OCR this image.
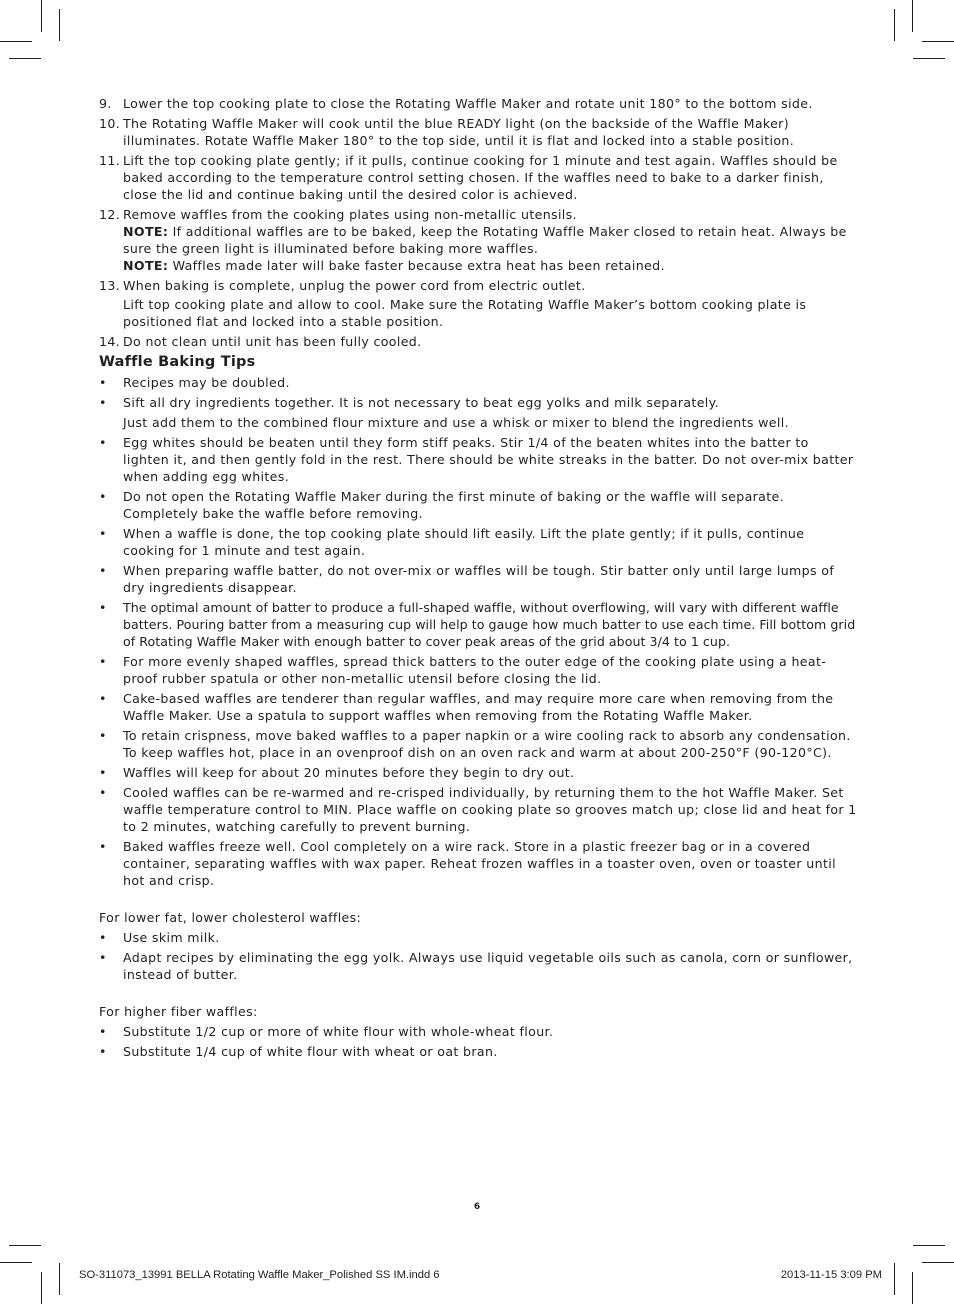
9. Lower the top cooking plate to close the Rotating Waffle Maker and rotate unit 180° to the bottom side.
10. The Rotating Waffle Maker will cook until the blue READY light (on the backside of the Waffle Maker) illuminates. Rotate Waffle Maker 180° to the top side, until it is flat and locked into a stable position.
11. Lift the top cooking plate gently; if it pulls, continue cooking for 1 minute and test again. Waffles should be baked according to the temperature control setting chosen. If the waffles need to bake to a darker finish, close the lid and continue baking until the desired color is achieved.
12. Remove waffles from the cooking plates using non-metallic utensils.
NOTE: If additional waffles are to be baked, keep the Rotating Waffle Maker closed to retain heat. Always be sure the green light is illuminated before baking more waffles.
NOTE: Waffles made later will bake faster because extra heat has been retained.
13. When baking is complete, unplug the power cord from electric outlet.
Lift top cooking plate and allow to cool. Make sure the Rotating Waffle Maker’s bottom cooking plate is positioned flat and locked into a stable position.
14. Do not clean until unit has been fully cooled.
Waffle Baking Tips
• Recipes may be doubled.
• Sift all dry ingredients together. It is not necessary to beat egg yolks and milk separately.
Just add them to the combined flour mixture and use a whisk or mixer to blend the ingredients well.
• Egg whites should be beaten until they form stiff peaks. Stir 1/4 of the beaten whites into the batter to lighten it, and then gently fold in the rest. There should be white streaks in the batter. Do not over-mix batter when adding egg whites.
• Do not open the Rotating Waffle Maker during the first minute of baking or the waffle will separate. Completely bake the waffle before removing.
• When a waffle is done, the top cooking plate should lift easily. Lift the plate gently; if it pulls, continue cooking for 1 minute and test again.
• When preparing waffle batter, do not over-mix or waffles will be tough. Stir batter only until large lumps of dry ingredients disappear.
• The optimal amount of batter to produce a full-shaped waffle, without overflowing, will vary with different waffle batters. Pouring batter from a measuring cup will help to gauge how much batter to use each time. Fill bottom grid of Rotating Waffle Maker with enough batter to cover peak areas of the grid about 3/4 to 1 cup.
• For more evenly shaped waffles, spread thick batters to the outer edge of the cooking plate using a heat-proof rubber spatula or other non-metallic utensil before closing the lid.
• Cake-based waffles are tenderer than regular waffles, and may require more care when removing from the Waffle Maker. Use a spatula to support waffles when removing from the Rotating Waffle Maker.
• To retain crispness, move baked waffles to a paper napkin or a wire cooling rack to absorb any condensation. To keep waffles hot, place in an ovenproof dish on an oven rack and warm at about 200-250°F (90-120°C).
• Waffles will keep for about 20 minutes before they begin to dry out.
• Cooled waffles can be re-warmed and re-crisped individually, by returning them to the hot Waffle Maker. Set waffle temperature control to MIN. Place waffle on cooking plate so grooves match up; close lid and heat for 1 to 2 minutes, watching carefully to prevent burning.
• Baked waffles freeze well. Cool completely on a wire rack. Store in a plastic freezer bag or in a covered container, separating waffles with wax paper. Reheat frozen waffles in a toaster oven, oven or toaster until hot and crisp.
For lower fat, lower cholesterol waffles:
• Use skim milk.
• Adapt recipes by eliminating the egg yolk. Always use liquid vegetable oils such as canola, corn or sunflower, instead of butter.
For higher fiber waffles:
• Substitute 1/2 cup or more of white flour with whole-wheat flour.
• Substitute 1/4 cup of white flour with wheat or oat bran.
6
SO-311073_13991 BELLA Rotating Waffle Maker_Polished SS IM.indd 6	2013-11-15 3:09 PM
